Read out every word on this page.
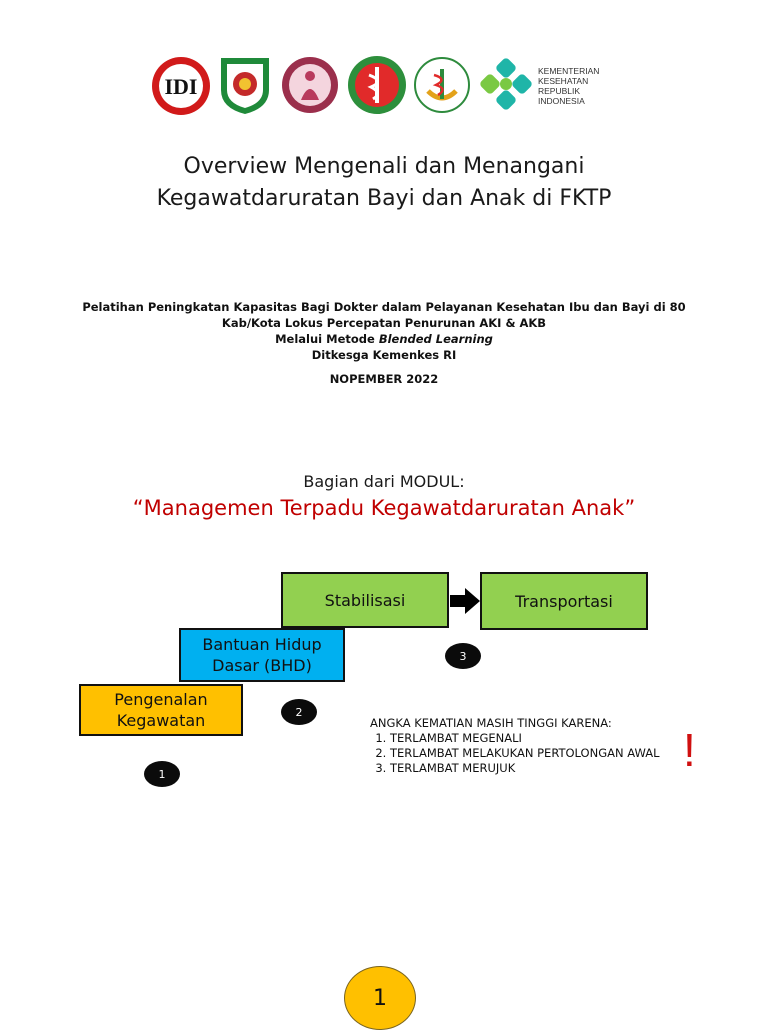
IDI
KEMENTERIAN
KESEHATAN
REPUBLIK
INDONESIA
Overview Mengenali dan Menangani
Kegawatdaruratan Bayi dan Anak di FKTP
Pelatihan Peningkatan Kapasitas Bagi Dokter dalam Pelayanan Kesehatan Ibu dan Bayi di 80
Kab/Kota Lokus Percepatan Penurunan AKI & AKB
Melalui Metode Blended Learning
Ditkesga Kemenkes RI
NOPEMBER 2022
Bagian dari MODUL:
“Managemen Terpadu Kegawatdaruratan Anak”
Stabilisasi	Transportasi
Bantuan Hidup Dasar (BHD)
Pengenalan Kegawatan
3
2
1
ANGKA KEMATIAN MASIH TINGGI KARENA:
1. TERLAMBAT MEGENALI
2. TERLAMBAT MELAKUKAN PERTOLONGAN AWAL
3. TERLAMBAT MERUJUK	!
1
